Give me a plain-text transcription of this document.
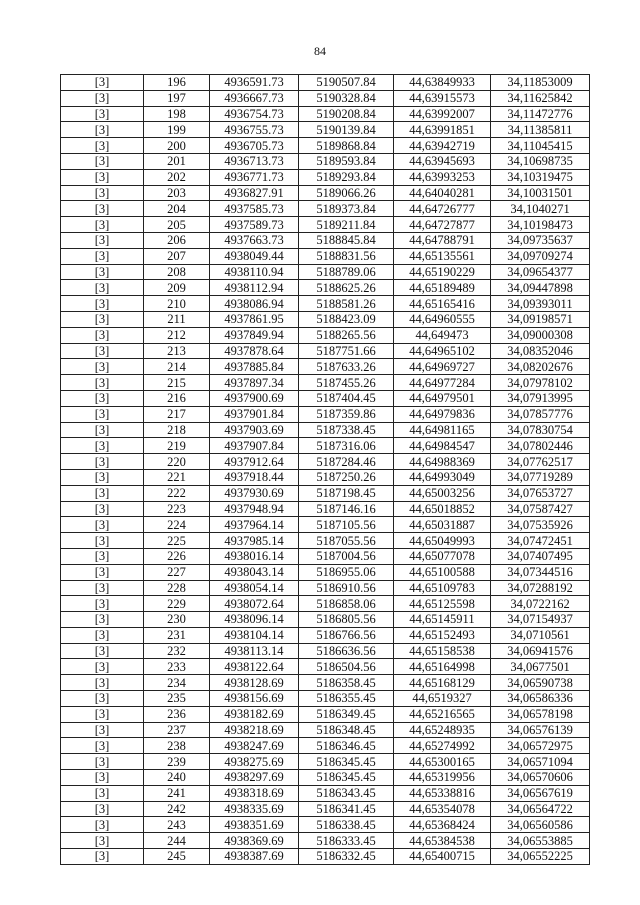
84
[3]	196	4936591.73	5190507.84	44,63849933	34,11853009
[3]	197	4936667.73	5190328.84	44,63915573	34,11625842
[3]	198	4936754.73	5190208.84	44,63992007	34,11472776
[3]	199	4936755.73	5190139.84	44,63991851	34,11385811
[3]	200	4936705.73	5189868.84	44,63942719	34,11045415
[3]	201	4936713.73	5189593.84	44,63945693	34,10698735
[3]	202	4936771.73	5189293.84	44,63993253	34,10319475
[3]	203	4936827.91	5189066.26	44,64040281	34,10031501
[3]	204	4937585.73	5189373.84	44,64726777	34,1040271
[3]	205	4937589.73	5189211.84	44,64727877	34,10198473
[3]	206	4937663.73	5188845.84	44,64788791	34,09735637
[3]	207	4938049.44	5188831.56	44,65135561	34,09709274
[3]	208	4938110.94	5188789.06	44,65190229	34,09654377
[3]	209	4938112.94	5188625.26	44,65189489	34,09447898
[3]	210	4938086.94	5188581.26	44,65165416	34,09393011
[3]	211	4937861.95	5188423.09	44,64960555	34,09198571
[3]	212	4937849.94	5188265.56	44,649473	34,09000308
[3]	213	4937878.64	5187751.66	44,64965102	34,08352046
[3]	214	4937885.84	5187633.26	44,64969727	34,08202676
[3]	215	4937897.34	5187455.26	44,64977284	34,07978102
[3]	216	4937900.69	5187404.45	44,64979501	34,07913995
[3]	217	4937901.84	5187359.86	44,64979836	34,07857776
[3]	218	4937903.69	5187338.45	44,64981165	34,07830754
[3]	219	4937907.84	5187316.06	44,64984547	34,07802446
[3]	220	4937912.64	5187284.46	44,64988369	34,07762517
[3]	221	4937918.44	5187250.26	44,64993049	34,07719289
[3]	222	4937930.69	5187198.45	44,65003256	34,07653727
[3]	223	4937948.94	5187146.16	44,65018852	34,07587427
[3]	224	4937964.14	5187105.56	44,65031887	34,07535926
[3]	225	4937985.14	5187055.56	44,65049993	34,07472451
[3]	226	4938016.14	5187004.56	44,65077078	34,07407495
[3]	227	4938043.14	5186955.06	44,65100588	34,07344516
[3]	228	4938054.14	5186910.56	44,65109783	34,07288192
[3]	229	4938072.64	5186858.06	44,65125598	34,0722162
[3]	230	4938096.14	5186805.56	44,65145911	34,07154937
[3]	231	4938104.14	5186766.56	44,65152493	34,0710561
[3]	232	4938113.14	5186636.56	44,65158538	34,06941576
[3]	233	4938122.64	5186504.56	44,65164998	34,0677501
[3]	234	4938128.69	5186358.45	44,65168129	34,06590738
[3]	235	4938156.69	5186355.45	44,6519327	34,06586336
[3]	236	4938182.69	5186349.45	44,65216565	34,06578198
[3]	237	4938218.69	5186348.45	44,65248935	34,06576139
[3]	238	4938247.69	5186346.45	44,65274992	34,06572975
[3]	239	4938275.69	5186345.45	44,65300165	34,06571094
[3]	240	4938297.69	5186345.45	44,65319956	34,06570606
[3]	241	4938318.69	5186343.45	44,65338816	34,06567619
[3]	242	4938335.69	5186341.45	44,65354078	34,06564722
[3]	243	4938351.69	5186338.45	44,65368424	34,06560586
[3]	244	4938369.69	5186333.45	44,65384538	34,06553885
[3]	245	4938387.69	5186332.45	44,65400715	34,06552225
